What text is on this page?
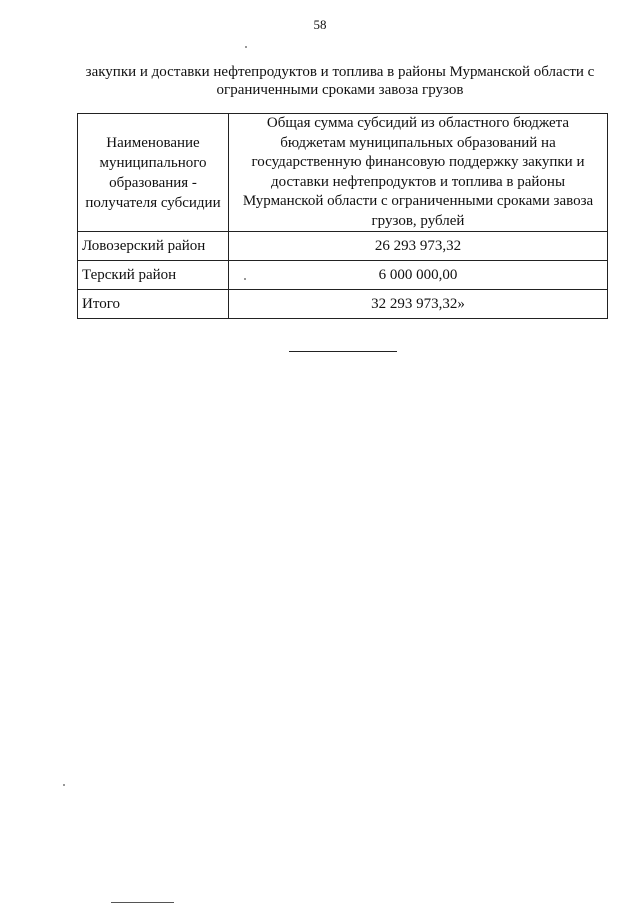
58
закупки и доставки нефтепродуктов и топлива в районы Мурманской области с ограниченными сроками завоза грузов
Наименование муниципального образования - получателя субсидии	Общая сумма субсидий из областного бюджета бюджетам муниципальных образований на государственную финансовую поддержку закупки и доставки нефтепродуктов и топлива в районы Мурманской области с ограниченными сроками завоза грузов, рублей
Ловозерский район	26 293 973,32
Терский район	6 000 000,00
Итого	32 293 973,32»
